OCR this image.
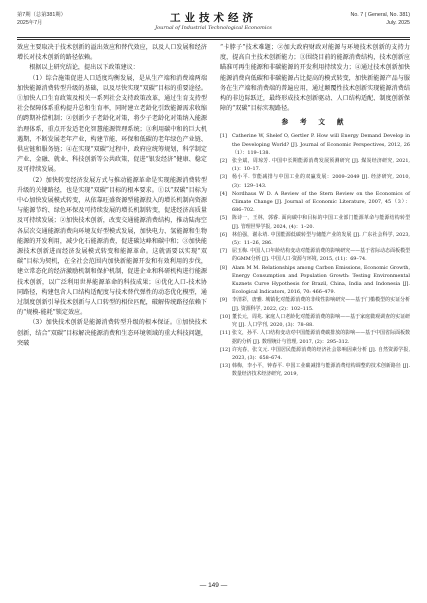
第7期（总第381期）
2025年7月	工业技术经济
Journal of Industrial Technological Economics
No. 7 ( General, No. 381)
July. 2025

效应主要取决于技术创新的溢出效应和替代效应，以及人口发展和经济增长对技术创新的路径依赖。

根据以上研究结论，提出以下政策建议：

（1）综合施策促进人口适度均衡发展，是从生产端和消费端两端加快能源消费转型升级的基础，以及尽快实现“双碳”目标的重要途径。①加快人口生育政策及相关一系列社会支持政策改革，通过生育支持型社会保障体系重构提升总和生育率，同时建立老龄化引致能源需求收缩的跨期补偿机制；②创新少子老龄化对策，将少子老龄化对策纳入能源治理体系，重点开发适老化智慧能源管理系统；③利用碳中和的巨大机遇期，不断发展老年产业，构建节能、环保和低碳的老年绿色产业链、供应链和服务链；④在实现“双碳”过程中，政府应统筹规划，科学制定产业、金融、就业、科技创新等公共政策，促进“银发经济”健康、稳定及可持续发展。

（2）加快转变经济发展方式与推动能源革命是实现能源消费转型升级的关键路径，也是实现“双碳”目标的根本要求。①以“双碳”目标为中心加快发展模式转变，从依靠旺盛资源型能源投入的增长机制向资源与能源节约、绿色环保及可持续发展的增长机制转变，促进经济高质量及可持续发展；②加快技术创新，改变交通能源消费结构，推动陆海空各层次交通能源消费向环境友好型模式发展，加快电力、氢能源和生物能源的开发利用，减少化石能源消费，促进碳达峰和碳中和；③加快能源技术创新进而经济发展模式转变和能源革命。这就需要以实现“双碳”目标为契机，在全社会范围内加快新能源开发和有效利用的步伐，建立常态化的经济激励机制和保护机制，促进企业和科研机构进行能源技术创新，以广泛利用世界能源革命的科技成果；④优化人口-技术协同路径，构建包含人口结构适配度与技术替代弹性的动态优化模型，通过制度创新引导技术创新与人口转型的相位匹配，破解传统路径依赖下的“规模-能耗”锁定效应。

（3）加快技术创新是能源消费转型升级的根本保证。①加快技术创新，结合“双碳”目标解决能源消费和生态环境领域的重大科技问题，突破

“卡脖子”技术难题；②加大政府财政对能源与环境技术创新的支持力度，提高自主技术创新能力；③围绕目前的能源消费结构，技术创新应瞄准可再生能源和非碳能源的开发利用持续发力；④通过技术创新加快能源消费向低碳和非碳能源占比提高的模式转变，加快新能源产品与服务在生产端和消费端的普遍应用，通过颠覆性技术创新实现能源消费结构的非边际跃迁，最终形成技术创新驱动、人口结构适配、制度创新保障的“双碳”目标实现路径。

参 考 文 献
[1] Catherine W, Shelef O, Gertler P. How will Energy Demand Develop in the Developing World? [J]. Journal of Economic Perspectives, 2012, 26（1）：119–138.
[2] 张全斌，周琼芳. 中国中长期能源消费发展预测研究 [J]. 煤炭经济研究, 2021, (1)：10–17.
[3] 杨小平. 节能减排与中国工业的双赢发展：2009–2049 [J]. 经济研究, 2010, (3)：129–143.
[4] Nordhaus W D. A Review of the Stern Review on the Economics of Climate Change [J]. Journal of Economic Literature, 2007, 45（3）：686–702.
[5] 陈诗一，王林，郭睿. 面向碳中和目标的中国工业部门能源革命与能源结构转型 [J]. 管理世界学报, 2024, (4)：1–20.
[6] 林伯强，谢永靖. 中国能源低碳转型与储能产业的发展 [J]. 广东社会科学, 2023, (5)：11–26, 286.
[7] 屈玉梅. 中国人口年龄结构变动对能源消费的影响研究——基于省际动态面板模型的GMM分析 [J]. 中国人口·资源与环境, 2015, (11)：69–74.
[8] Alam M M. Relationships among Carbon Emissions, Economic Growth, Energy Consumption and Population Growth: Testing Environmental Kuznets Curve Hypothesis for Brazil, China, India and Indonesia [J]. Ecological Indicators, 2016, 70: 466–479.
[9] 李清彩，唐雅. 城镇化对能源消费的非线性影响研究——基于门槛模型的实证分析 [J]. 资源科学, 2022, (2)：102–115.
[10] 董长元，周兆. 家庭人口老龄化对能源消费的影响——基于家庭微观调查的实证研究 [J]. 人口学刊, 2020, (3)：78–88.
[11] 张文，孙平. 人口结构变动对中国能源消费碳排放的影响——基于中国省际面板数据的分析 [J]. 数理统计与管理, 2017, (2)：295–312.
[12] 许宪春，张文元. 中国居民能源消费的经济社会影响因素分析 [J]. 自然资源学报, 2023, (3)：658–674.
[13] 韩梅，李小平，钟春平. 中国工业碳减排与能源消费结构调整的技术创新路径 [J]. 数量经济技术经济研究, 2019,
— 149 —
